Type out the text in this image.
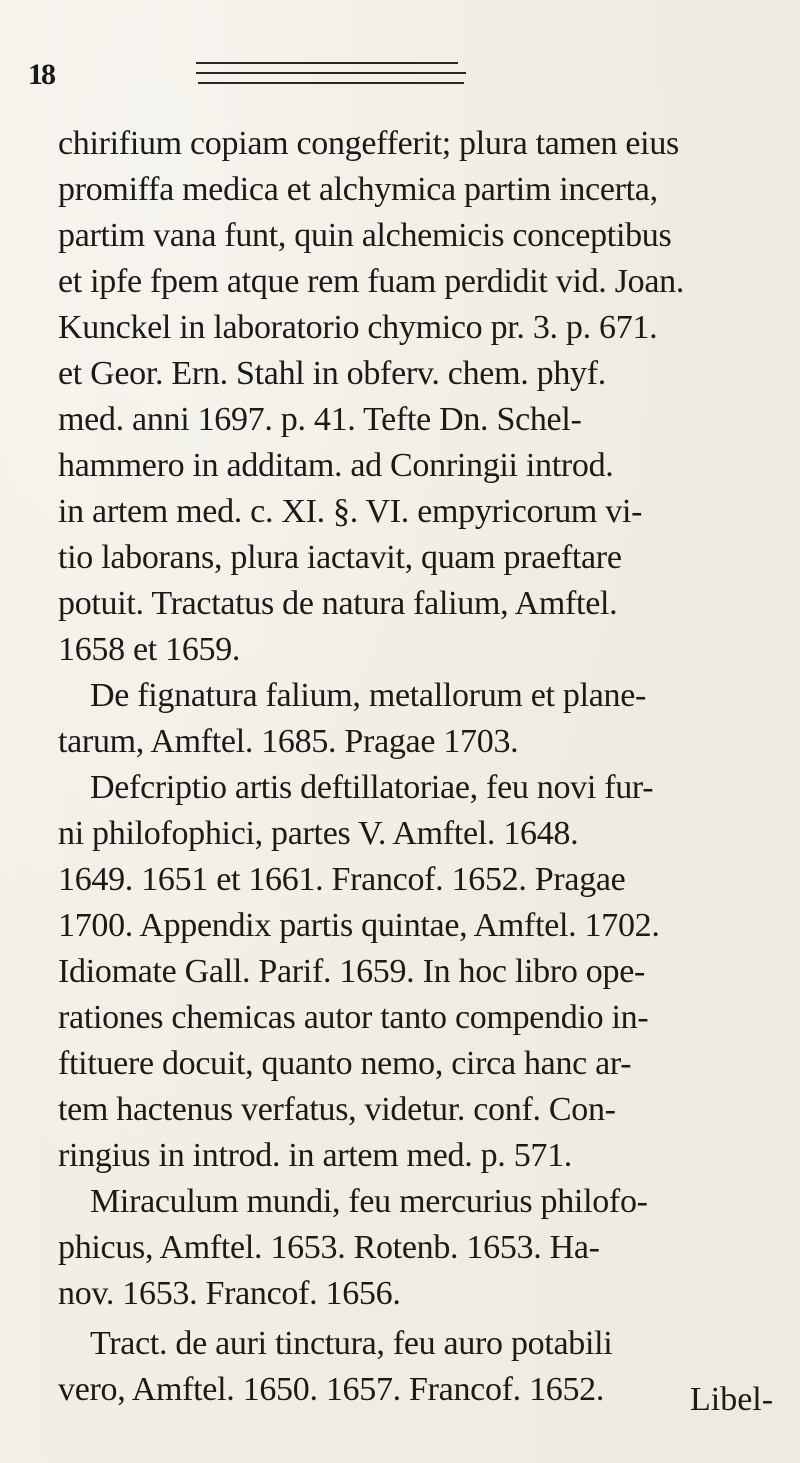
18
chirifium copiam congefferit; plura tamen eius
promiffa medica et alchymica partim incerta,
partim vana funt, quin alchemicis conceptibus
et ipfe fpem atque rem fuam perdidit vid. Joan.
Kunckel in laboratorio chymico pr. 3. p. 671.
et Geor. Ern. Stahl in obferv. chem. phyf.
med. anni 1697. p. 41. Tefte Dn. Schel-
hammero in additam. ad Conringii introd.
in artem med. c. XI. §. VI. empyricorum vi-
tio laborans, plura iactavit, quam praeftare
potuit. Tractatus de natura falium, Amftel.
1658 et 1659.
De fignatura falium, metallorum et plane-
tarum, Amftel. 1685. Pragae 1703.
Defcriptio artis deftillatoriae, feu novi fur-
ni philofophici, partes V. Amftel. 1648.
1649. 1651 et 1661. Francof. 1652. Pragae
1700. Appendix partis quintae, Amftel. 1702.
Idiomate Gall. Parif. 1659. In hoc libro ope-
rationes chemicas autor tanto compendio in-
ftituere docuit, quanto nemo, circa hanc ar-
tem hactenus verfatus, videtur. conf. Con-
ringius in introd. in artem med. p. 571.
Miraculum mundi, feu mercurius philofo-
phicus, Amftel. 1653. Rotenb. 1653. Ha-
nov. 1653. Francof. 1656.
Tract. de auri tinctura, feu auro potabili
vero, Amftel. 1650. 1657. Francof. 1652.	Libel-
